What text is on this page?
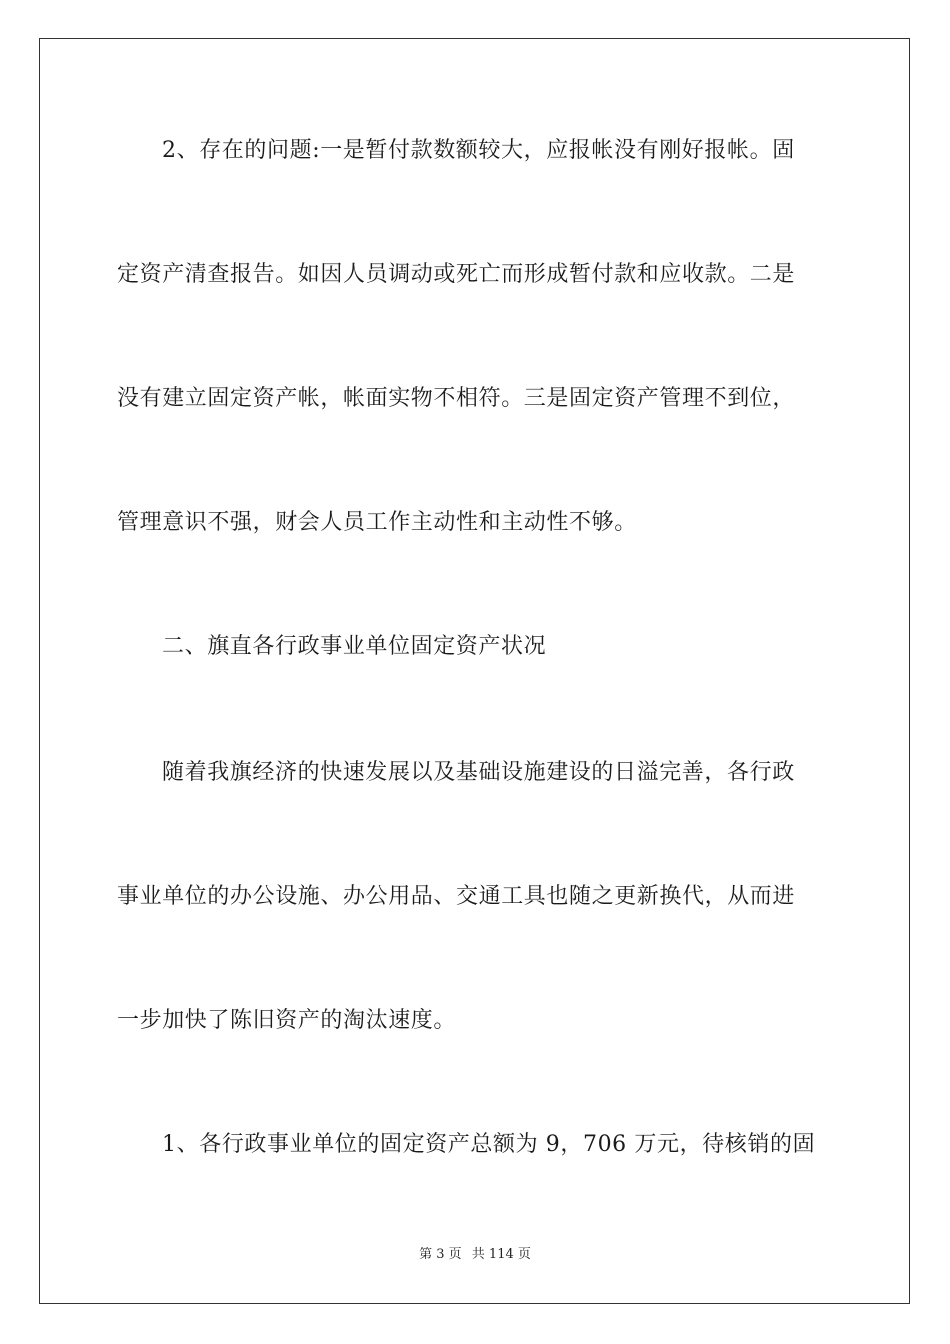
2、存在的问题:一是暂付款数额较大，应报帐没有刚好报帐。固
定资产清查报告。如因人员调动或死亡而形成暂付款和应收款。二是
没有建立固定资产帐，帐面实物不相符。三是固定资产管理不到位，
管理意识不强，财会人员工作主动性和主动性不够。
二、旗直各行政事业单位固定资产状况
随着我旗经济的快速发展以及基础设施建设的日溢完善，各行政
事业单位的办公设施、办公用品、交通工具也随之更新换代，从而进
一步加快了陈旧资产的淘汰速度。
1、各行政事业单位的固定资产总额为 9，706 万元，待核销的固
第 3 页 共 114 页
